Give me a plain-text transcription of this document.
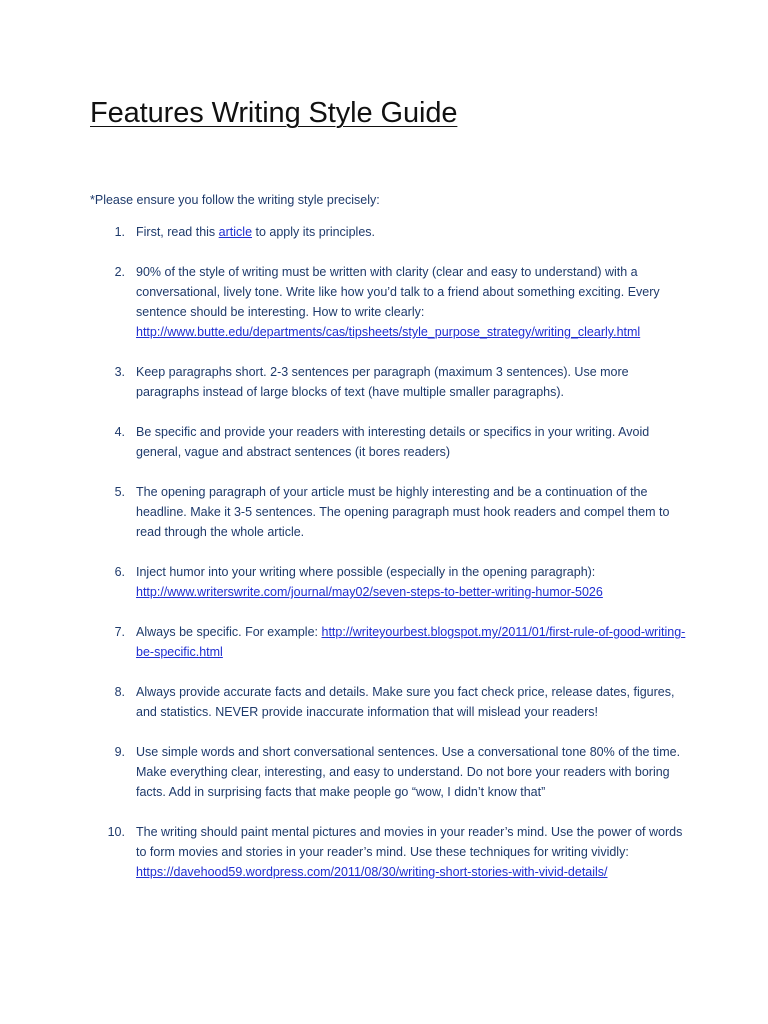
Features Writing Style Guide

*Please ensure you follow the writing style precisely:

1. First, read this article to apply its principles.
2. 90% of the style of writing must be written with clarity (clear and easy to understand) with a conversational, lively tone. Write like how you’d talk to a friend about something exciting. Every sentence should be interesting. How to write clearly: http://www.butte.edu/departments/cas/tipsheets/style_purpose_strategy/writing_clearly.html
3. Keep paragraphs short. 2-3 sentences per paragraph (maximum 3 sentences). Use more paragraphs instead of large blocks of text (have multiple smaller paragraphs).
4. Be specific and provide your readers with interesting details or specifics in your writing. Avoid general, vague and abstract sentences (it bores readers)
5. The opening paragraph of your article must be highly interesting and be a continuation of the headline. Make it 3-5 sentences. The opening paragraph must hook readers and compel them to read through the whole article.
6. Inject humor into your writing where possible (especially in the opening paragraph): http://www.writerswrite.com/journal/may02/seven-steps-to-better-writing-humor-5026
7. Always be specific. For example: http://writeyourbest.blogspot.my/2011/01/first-rule-of-good-writing-be-specific.html
8. Always provide accurate facts and details. Make sure you fact check price, release dates, figures, and statistics. NEVER provide inaccurate information that will mislead your readers!
9. Use simple words and short conversational sentences. Use a conversational tone 80% of the time. Make everything clear, interesting, and easy to understand. Do not bore your readers with boring facts. Add in surprising facts that make people go “wow, I didn’t know that”
10. The writing should paint mental pictures and movies in your reader’s mind. Use the power of words to form movies and stories in your reader’s mind. Use these techniques for writing vividly: https://davehood59.wordpress.com/2011/08/30/writing-short-stories-with-vivid-details/
